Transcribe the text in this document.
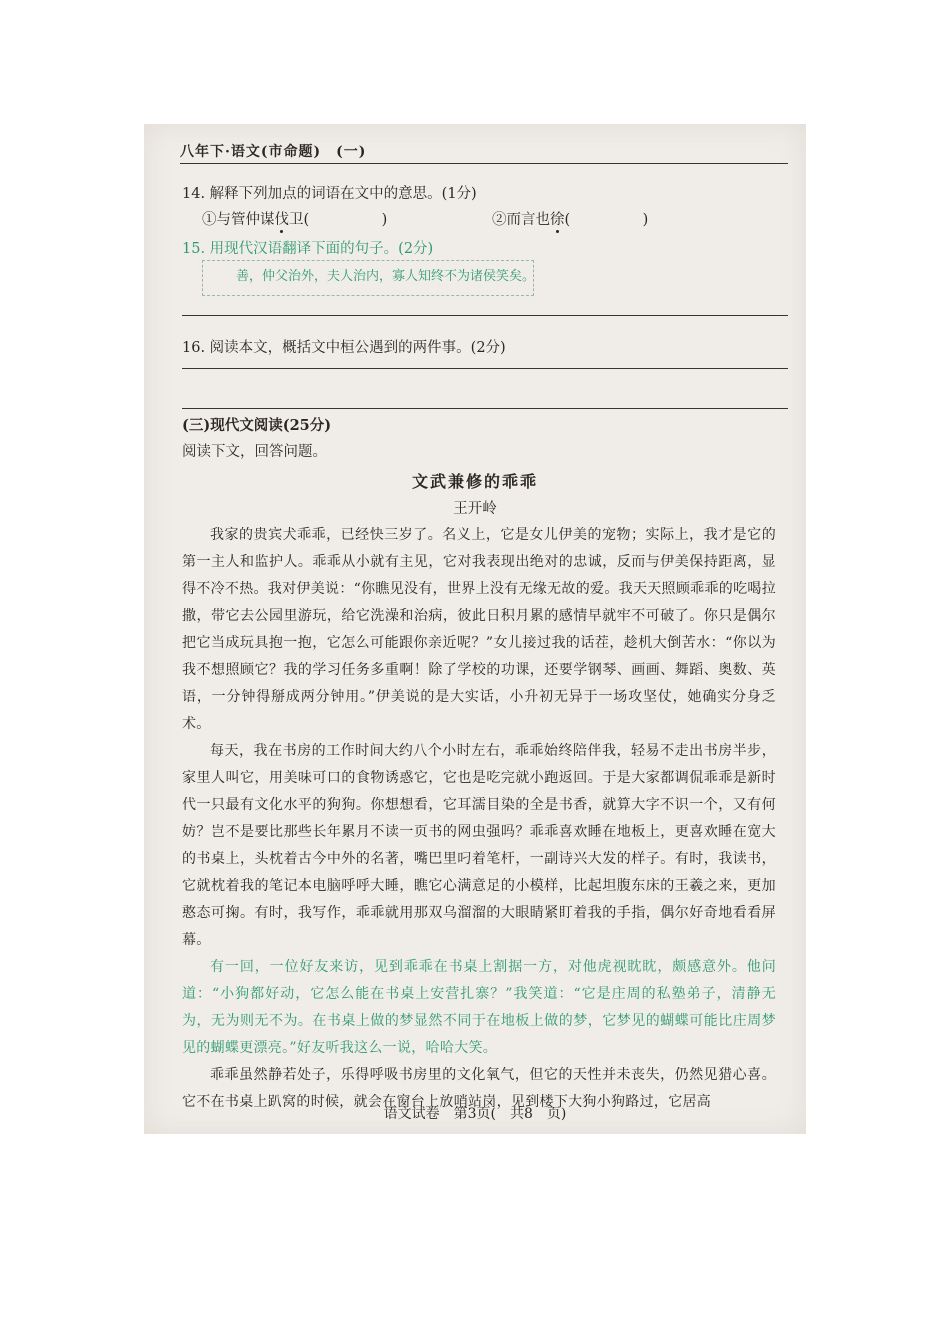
八年下·语文(市命题)　(一)
14. 解释下列加点的词语在文中的意思。(1分)
①与管仲谋伐卫(　　　　　)	②而言也徐(　　　　　)
15. 用现代汉语翻译下面的句子。(2分)
善，仲父治外，夫人治内，寡人知终不为诸侯笑矣。
16. 阅读本文，概括文中桓公遇到的两件事。(2分)
(三)现代文阅读(25分)
阅读下文，回答问题。
文武兼修的乖乖
王开岭

我家的贵宾犬乖乖，已经快三岁了。名义上，它是女儿伊美的宠物；实际上，我才是它的第一主人和监护人。乖乖从小就有主见，它对我表现出绝对的忠诚，反而与伊美保持距离，显得不冷不热。我对伊美说：“你瞧见没有，世界上没有无缘无故的爱。我天天照顾乖乖的吃喝拉撒，带它去公园里游玩，给它洗澡和治病，彼此日积月累的感情早就牢不可破了。你只是偶尔把它当成玩具抱一抱，它怎么可能跟你亲近呢？”女儿接过我的话茬，趁机大倒苦水：“你以为我不想照顾它？我的学习任务多重啊！除了学校的功课，还要学钢琴、画画、舞蹈、奥数、英语，一分钟得掰成两分钟用。”伊美说的是大实话，小升初无异于一场攻坚仗，她确实分身乏术。

每天，我在书房的工作时间大约八个小时左右，乖乖始终陪伴我，轻易不走出书房半步，家里人叫它，用美味可口的食物诱惑它，它也是吃完就小跑返回。于是大家都调侃乖乖是新时代一只最有文化水平的狗狗。你想想看，它耳濡目染的全是书香，就算大字不识一个，又有何妨？岂不是要比那些长年累月不读一页书的网虫强吗？乖乖喜欢睡在地板上，更喜欢睡在宽大的书桌上，头枕着古今中外的名著，嘴巴里叼着笔杆，一副诗兴大发的样子。有时，我读书，它就枕着我的笔记本电脑呼呼大睡，瞧它心满意足的小模样，比起坦腹东床的王羲之来，更加憨态可掬。有时，我写作，乖乖就用那双乌溜溜的大眼睛紧盯着我的手指，偶尔好奇地看看屏幕。

有一回，一位好友来访，见到乖乖在书桌上割据一方，对他虎视眈眈，颇感意外。他问道：“小狗都好动，它怎么能在书桌上安营扎寨？”我笑道：“它是庄周的私塾弟子，清静无为，无为则无不为。在书桌上做的梦显然不同于在地板上做的梦，它梦见的蝴蝶可能比庄周梦见的蝴蝶更漂亮。”好友听我这么一说，哈哈大笑。

乖乖虽然静若处子，乐得呼吸书房里的文化氧气，但它的天性并未丧失，仍然见猎心喜。它不在书桌上趴窝的时候，就会在窗台上放哨站岗，见到楼下大狗小狗路过，它居高

语文试卷　第3页(　共8　页)
